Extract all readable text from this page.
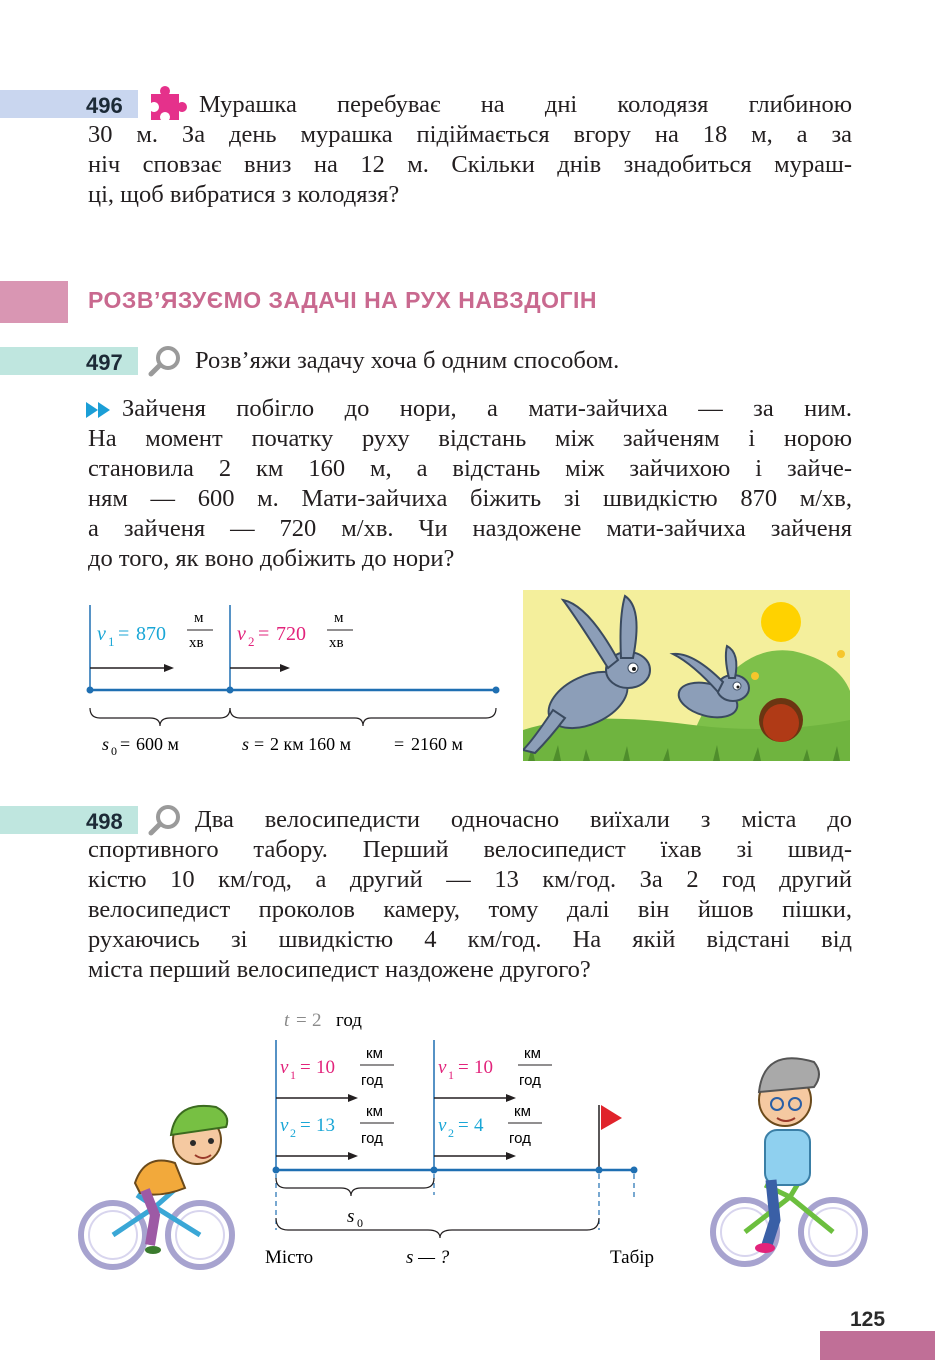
496	Мурашка перебуває на дні колодязя глибиною
30 м. За день мурашка підіймається вгору на 18 м, а за
ніч сповзає вниз на 12 м. Скільки днів знадобиться мураш-
ці, щоб вибратися з колодязя?
РОЗВ’ЯЗУЄМО ЗАДАЧІ НА РУХ НАВЗДОГІН
497	Розв’яжи задачу хоча б одним способом.
Зайченя побігло до нори, а мати-зайчиха — за ним.
На момент початку руху відстань між зайченям і норою
становила 2 км 160 м, а відстань між зайчихою і зайче-
ням — 600 м. Мати-зайчиха біжить зі швидкістю 870 м/хв,
а зайченя — 720 м/хв. Чи наздожене мати-зайчиха зайченя
до того, як воно добіжить до нори?
v 1 = 870
м
хв v 2 = 720
м
хв
s 0 = 600 м	s = 2 км 160 м = 2160 м
498	Два велосипедисти одночасно виїхали з міста до
спортивного табору. Перший велосипедист їхав зі швид-
кістю 10 км/год, а другий — 13 км/год. За 2 год другий
велосипедист проколов камеру, тому далі він йшов пішки,
рухаючись зі швидкістю 4 км/год. На якій відстані від
міста перший велосипедист наздожене другого?
t = 2 год
v 1 = 10
км
год
v 2 = 13
км
год
v 1 = 10
км
год
v 2 = 4
км
год
s 0
Місто	s — ?	Табір
125
